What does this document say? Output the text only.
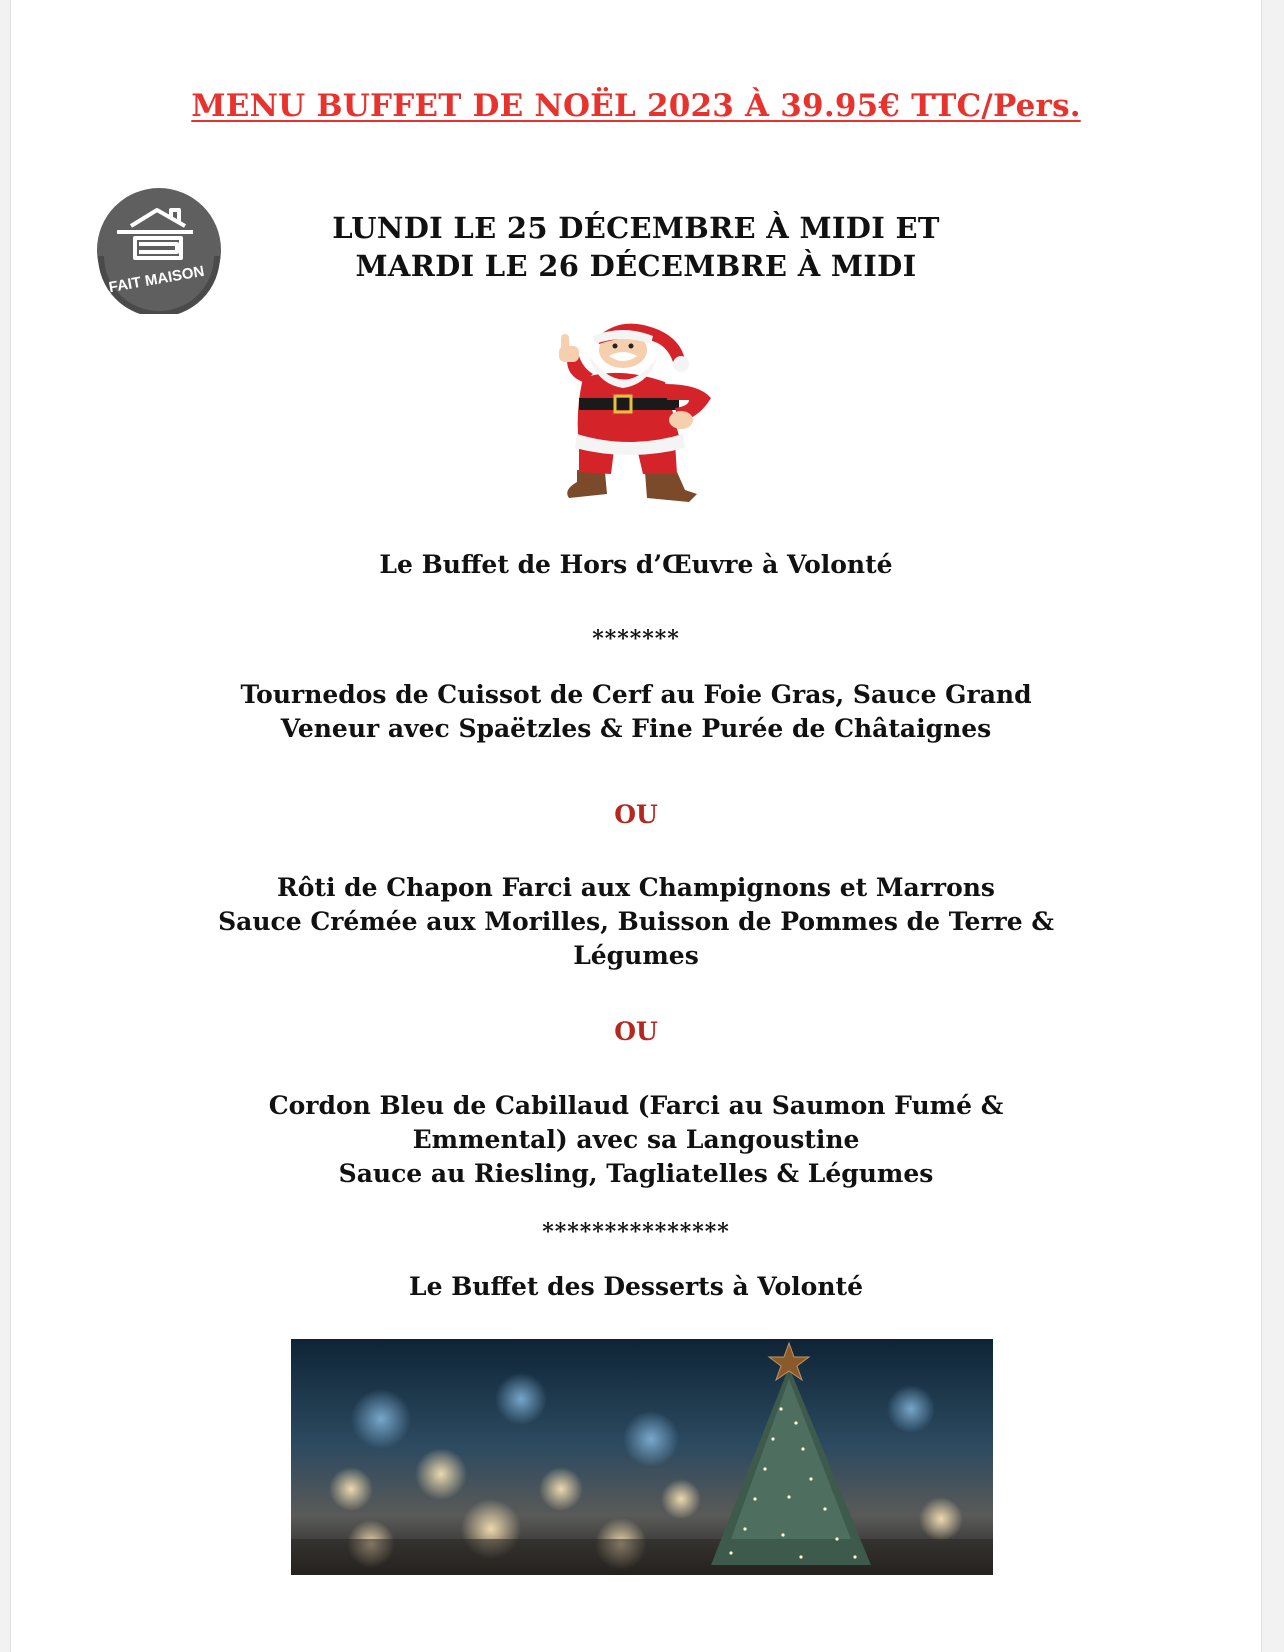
MENU BUFFET DE NOËL 2023 À 39.95€ TTC/Pers.
FAIT MAISON
LUNDI LE 25 DÉCEMBRE À MIDI ET
MARDI LE 26 DÉCEMBRE À MIDI
Le Buffet de Hors d’Œuvre à Volonté
*******
Tournedos de Cuissot de Cerf au Foie Gras, Sauce Grand
Veneur avec Spaëtzles & Fine Purée de Châtaignes
OU
Rôti de Chapon Farci aux Champignons et Marrons
Sauce Crémée aux Morilles, Buisson de Pommes de Terre &
Légumes
OU
Cordon Bleu de Cabillaud (Farci au Saumon Fumé &
Emmental) avec sa Langoustine
Sauce au Riesling, Tagliatelles & Légumes
***************
Le Buffet des Desserts à Volonté
